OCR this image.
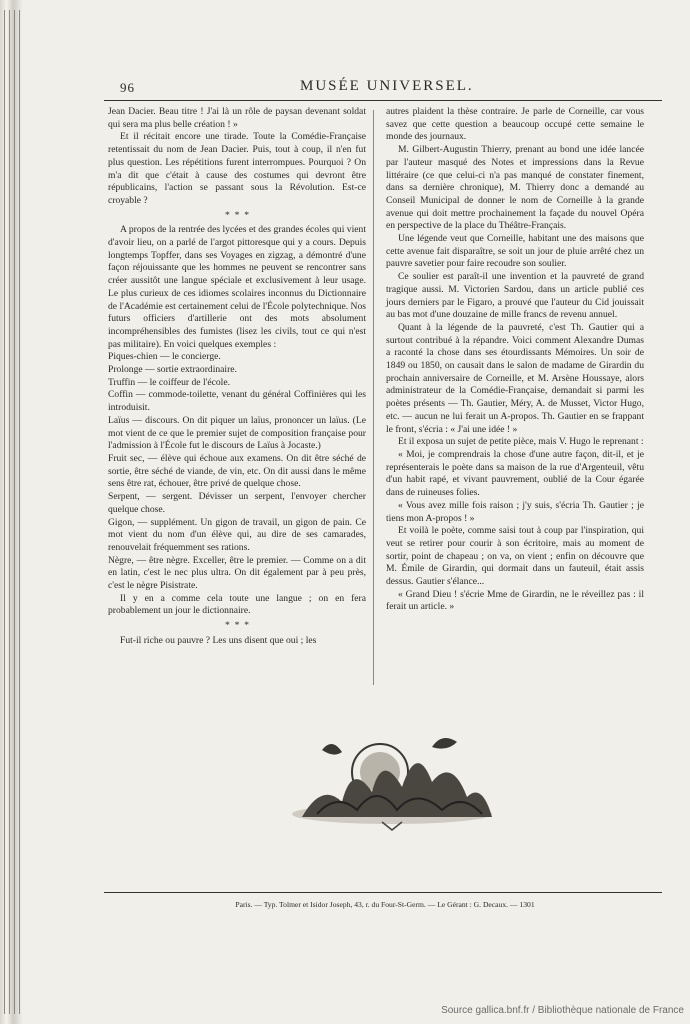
96	MUSÉE UNIVERSEL.

Jean Dacier. Beau titre ! J'ai là un rôle de paysan devenant soldat qui sera ma plus belle création ! »

Et il récitait encore une tirade. Toute la Comédie-Française retentissait du nom de Jean Dacier. Puis, tout à coup, il n'en fut plus question. Les répétitions furent interrompues. Pourquoi ? On m'a dit que c'était à cause des costumes qui devront être républicains, l'action se passant sous la Révolution. Est-ce croyable ?

*  *  *

A propos de la rentrée des lycées et des grandes écoles qui vient d'avoir lieu, on a parlé de l'argot pittoresque qui y a cours. Depuis longtemps Topffer, dans ses Voyages en zigzag, a démontré d'une façon réjouissante que les hommes ne peuvent se rencontrer sans créer aussitôt une langue spéciale et exclusivement à leur usage. Le plus curieux de ces idiomes scolaires inconnus du Dictionnaire de l'Académie est certainement celui de l'École polytechnique. Nos futurs officiers d'artillerie ont des mots absolument incompréhensibles des fumistes (lisez les civils, tout ce qui n'est pas militaire). En voici quelques exemples :

Piques-chien — le concierge.

Prolonge — sortie extraordinaire.

Truffin — le coiffeur de l'école.

Coffin — commode-toilette, venant du général Coffinières qui les introduisit.

Laïus — discours. On dit piquer un laïus, prononcer un laïus. (Le mot vient de ce que le premier sujet de composition française pour l'admission à l'École fut le discours de Laïus à Jocaste.)

Fruit sec, — élève qui échoue aux examens. On dit être séché de sortie, être séché de viande, de vin, etc. On dit aussi dans le même sens être rat, échouer, être privé de quelque chose.

Serpent, — sergent. Dévisser un serpent, l'envoyer chercher quelque chose.

Gigon, — supplément. Un gigon de travail, un gigon de pain. Ce mot vient du nom d'un élève qui, au dire de ses camarades, renouvelait fréquemment ses rations.

Nègre, — être nègre. Exceller, être le premier. — Comme on a dit en latin, c'est le nec plus ultra. On dit également par à peu près, c'est le nègre Pisistrate.

Il y en a comme cela toute une langue ; on en fera probablement un jour le dictionnaire.

*  *  *

Fut-il riche ou pauvre ? Les uns disent que oui ; les

autres plaident la thèse contraire. Je parle de Corneille, car vous savez que cette question a beaucoup occupé cette semaine le monde des journaux.

M. Gilbert-Augustin Thierry, prenant au bond une idée lancée par l'auteur masqué des Notes et impressions dans la Revue littéraire (ce que celui-ci n'a pas manqué de constater finement, dans sa dernière chronique), M. Thierry donc a demandé au Conseil Municipal de donner le nom de Corneille à la grande avenue qui doit mettre prochainement la façade du nouvel Opéra en perspective de la place du Théâtre-Français.

Une légende veut que Corneille, habitant une des maisons que cette avenue fait disparaître, se soit un jour de pluie arrêté chez un pauvre savetier pour faire recoudre son soulier.

Ce soulier est paraît-il une invention et la pauvreté de grand tragique aussi. M. Victorien Sardou, dans un article publié ces jours derniers par le Figaro, a prouvé que l'auteur du Cid jouissait au bas mot d'une douzaine de mille francs de revenu annuel.

Quant à la légende de la pauvreté, c'est Th. Gautier qui a surtout contribué à la répandre. Voici comment Alexandre Dumas a raconté la chose dans ses étourdissants Mémoires. Un soir de 1849 ou 1850, on causait dans le salon de madame de Girardin du prochain anniversaire de Corneille, et M. Arsène Houssaye, alors administrateur de la Comédie-Française, demandait si parmi les poètes présents — Th. Gautier, Méry, A. de Musset, Victor Hugo, etc. — aucun ne lui ferait un A-propos. Th. Gautier en se frappant le front, s'écria : « J'ai une idée ! »

Et il exposa un sujet de petite pièce, mais V. Hugo le reprenant :

« Moi, je comprendrais la chose d'une autre façon, dit-il, et je représenterais le poète dans sa maison de la rue d'Argenteuil, vêtu d'un habit rapé, et vivant pauvrement, oublié de la Cour égarée dans de ruineuses folies.

« Vous avez mille fois raison ; j'y suis, s'écria Th. Gautier ; je tiens mon A-propos ! »

Et voilà le poète, comme saisi tout à coup par l'inspiration, qui veut se retirer pour courir à son écritoire, mais au moment de sortir, point de chapeau ; on va, on vient ; enfin on découvre que M. Émile de Girardin, qui dormait dans un fauteuil, était assis dessus. Gautier s'élance...

« Grand Dieu ! s'écrie Mme de Girardin, ne le réveillez pas : il ferait un article. »

Paris. — Typ. Tolmer et Isidor Joseph, 43, r. du Four-St-Germ. — Le Gérant : G. Decaux. — 1301
Source gallica.bnf.fr / Bibliothèque nationale de France
